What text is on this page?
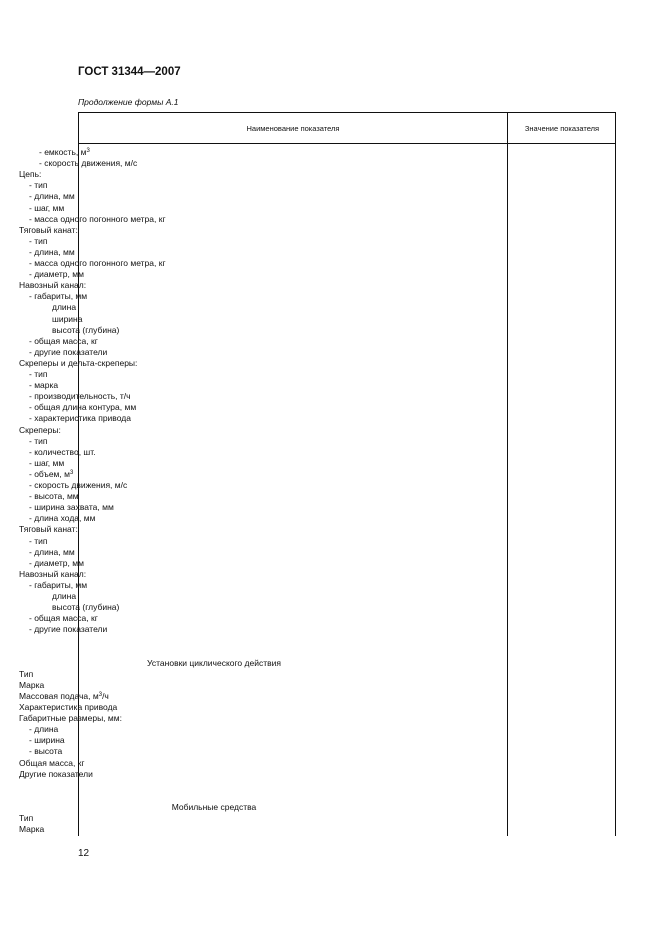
ГОСТ 31344—2007
Продолжение формы А.1
Наименование показателя	Значение показателя
- емкость, $м^3$
- скорость движения, м/с
Цепь:
- тип
- длина, мм
- шаг, мм
- масса одного погонного метра, кг
Тяговый канат:
- тип
- длина, мм
- масса одного погонного метра, кг
- диаметр, мм
Навозный канал:
- габариты, мм
длина
ширина
высота (глубина)
- общая масса, кг
- другие показатели
Скреперы и дельта-скреперы:
- тип
- марка
- производительность, т/ч
- общая длина контура, мм
- характеристика привода
Скреперы:
- тип
- количество, шт.
- шаг, мм
- объем, $м^3$
- скорость движения, м/с
- высота, мм
- ширина захвата, мм
- длина хода, мм
Тяговый канат:
- тип
- длина, мм
- диаметр, мм
Навозный канал:
- габариты, мм
длина
высота (глубина)
- общая масса, кг
- другие показатели
Установки циклического действия
Тип
Марка
Массовая подача, $м^3/ч$
Характеристика привода
Габаритные размеры, мм:
- длина
- ширина
- высота
Общая масса, кг
Другие показатели
Мобильные средства
Тип
Марка
12
